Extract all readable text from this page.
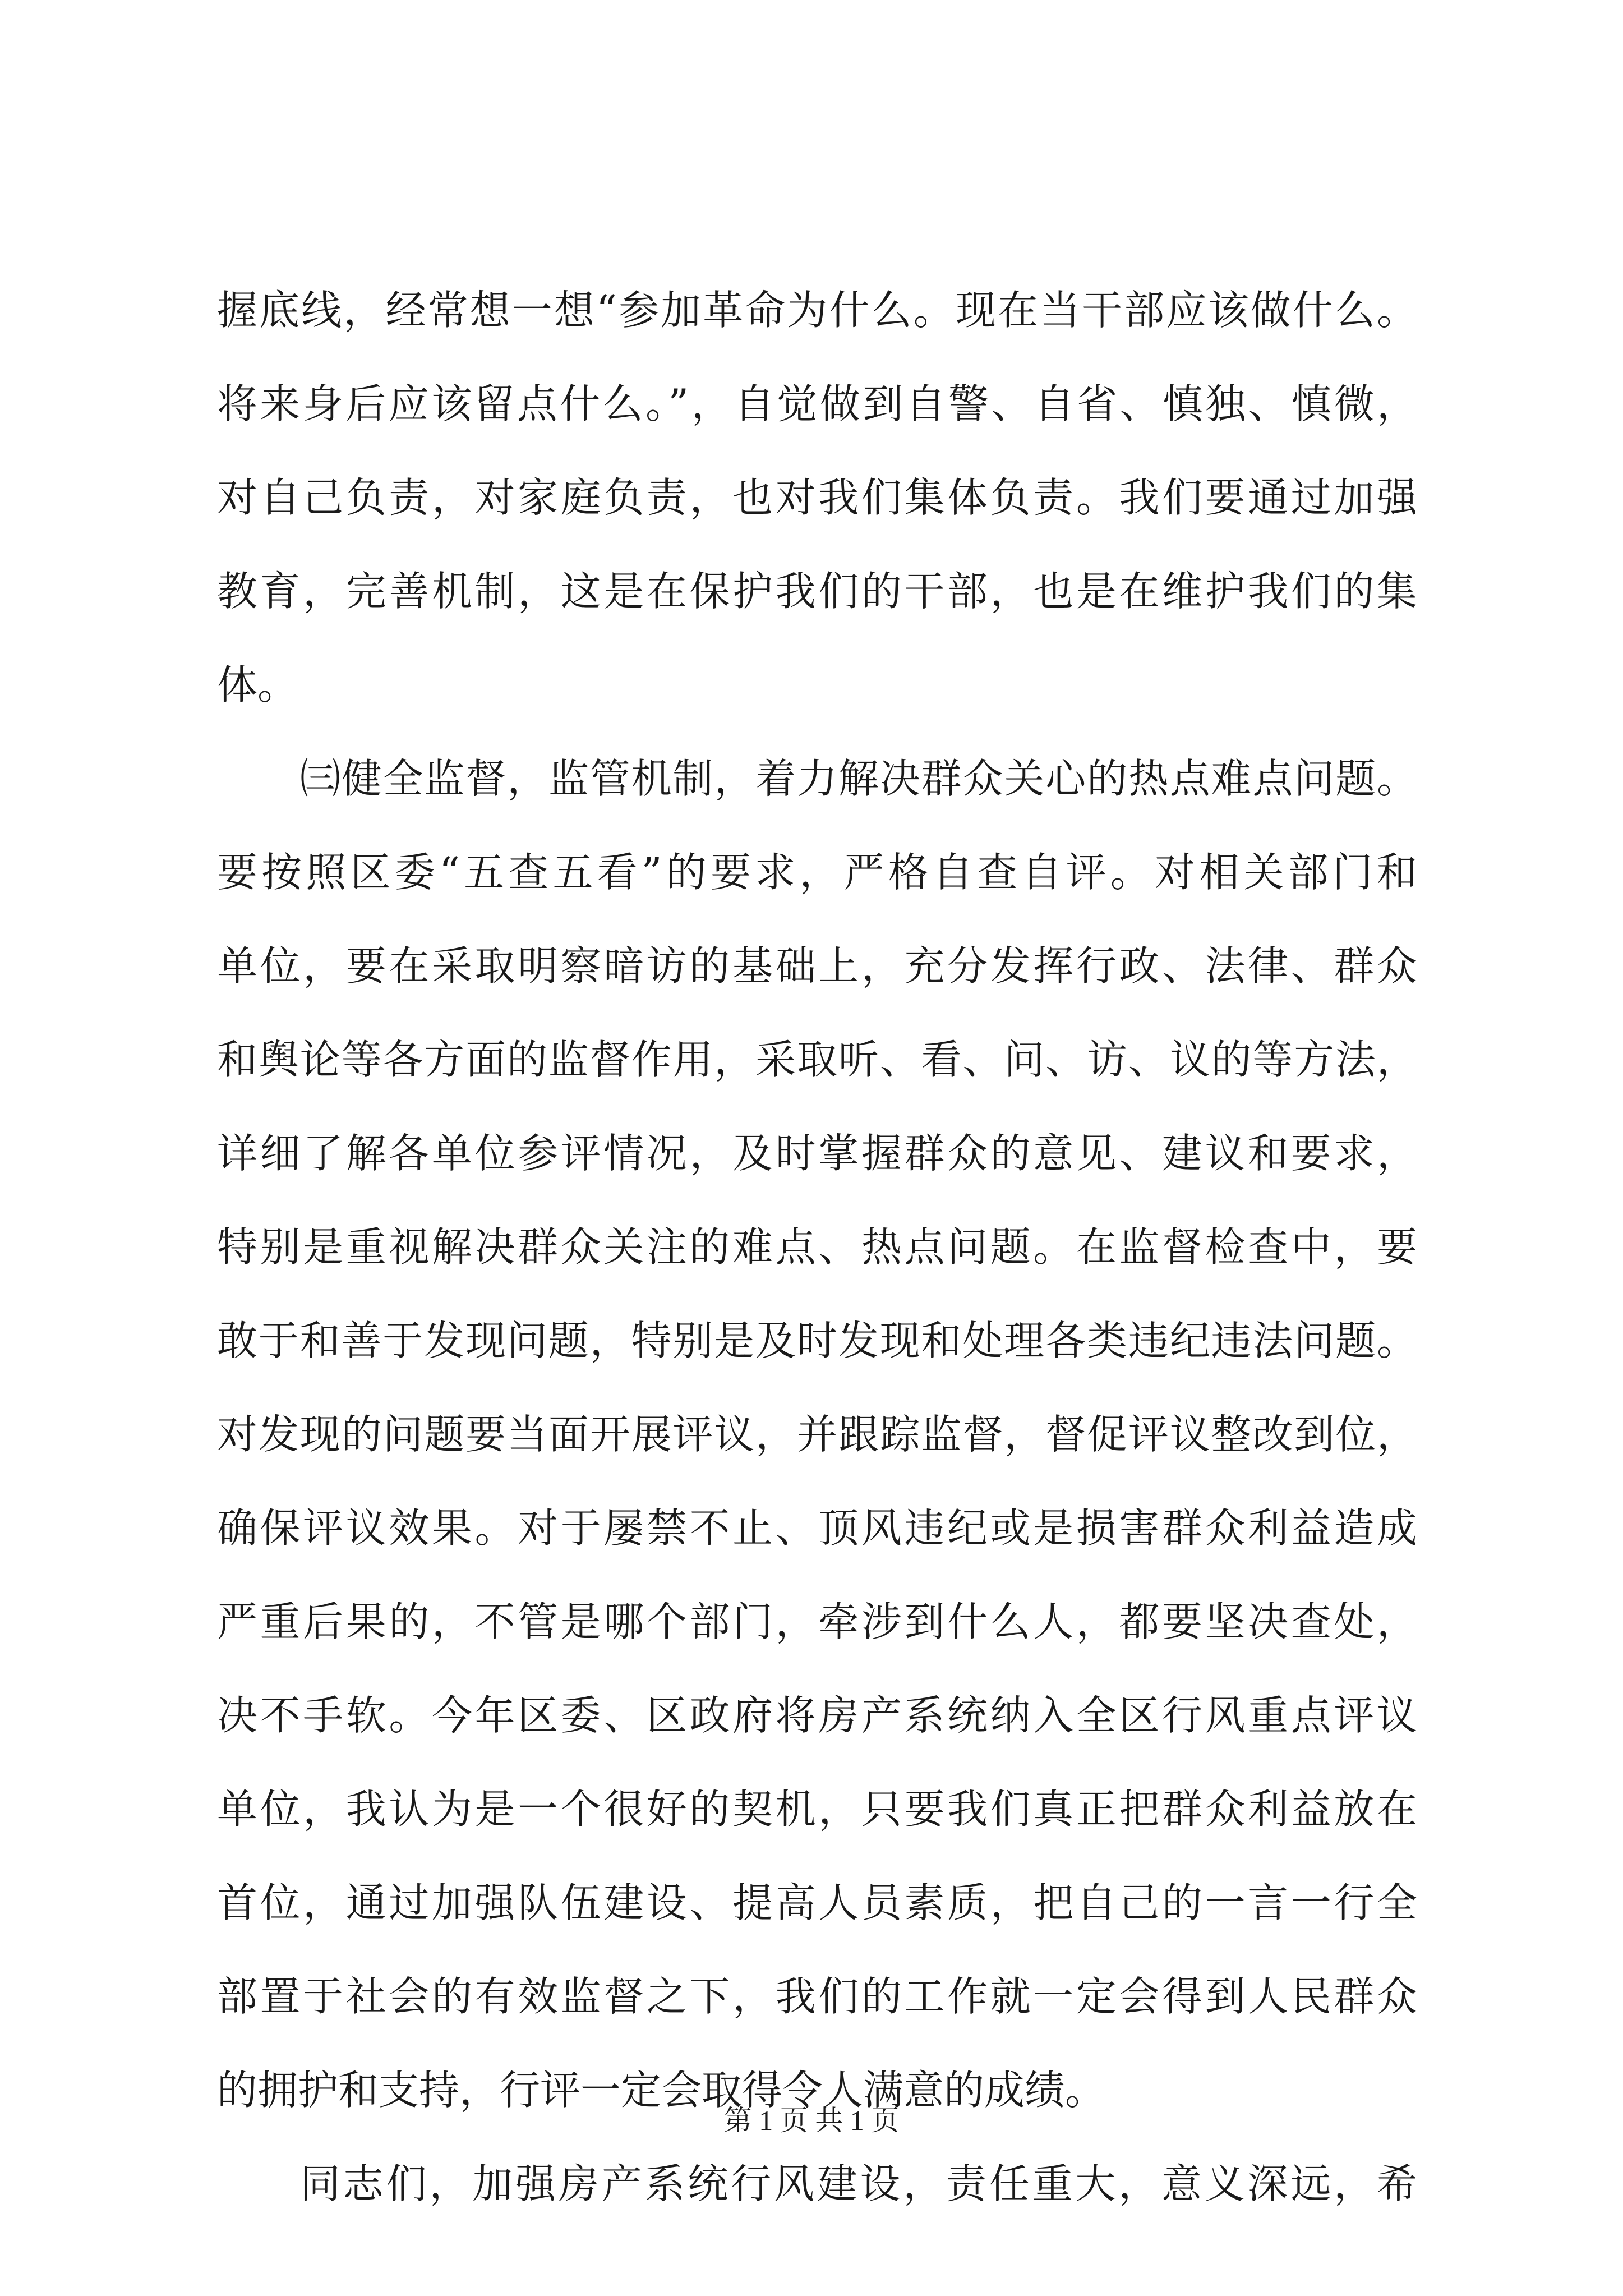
握底线，经常想一想“参加革命为什么。现在当干部应该做什么。
将来身后应该留点什么。”，自觉做到自警、自省、慎独、慎微，
对自己负责，对家庭负责，也对我们集体负责。我们要通过加强
教育，完善机制，这是在保护我们的干部，也是在维护我们的集
体。
㈢健全监督，监管机制，着力解决群众关心的热点难点问题。
要按照区委“五查五看”的要求，严格自查自评。对相关部门和
单位，要在采取明察暗访的基础上，充分发挥行政、法律、群众
和舆论等各方面的监督作用，采取听、看、问、访、议的等方法，
详细了解各单位参评情况，及时掌握群众的意见、建议和要求，
特别是重视解决群众关注的难点、热点问题。在监督检查中，要
敢于和善于发现问题，特别是及时发现和处理各类违纪违法问题。
对发现的问题要当面开展评议，并跟踪监督，督促评议整改到位，
确保评议效果。对于屡禁不止、顶风违纪或是损害群众利益造成
严重后果的，不管是哪个部门，牵涉到什么人，都要坚决查处，
决不手软。今年区委、区政府将房产系统纳入全区行风重点评议
单位，我认为是一个很好的契机，只要我们真正把群众利益放在
首位，通过加强队伍建设、提高人员素质，把自己的一言一行全
部置于社会的有效监督之下，我们的工作就一定会得到人民群众
的拥护和支持，行评一定会取得令人满意的成绩。
同志们，加强房产系统行风建设，责任重大，意义深远，希
第 1 页 共 1 页
